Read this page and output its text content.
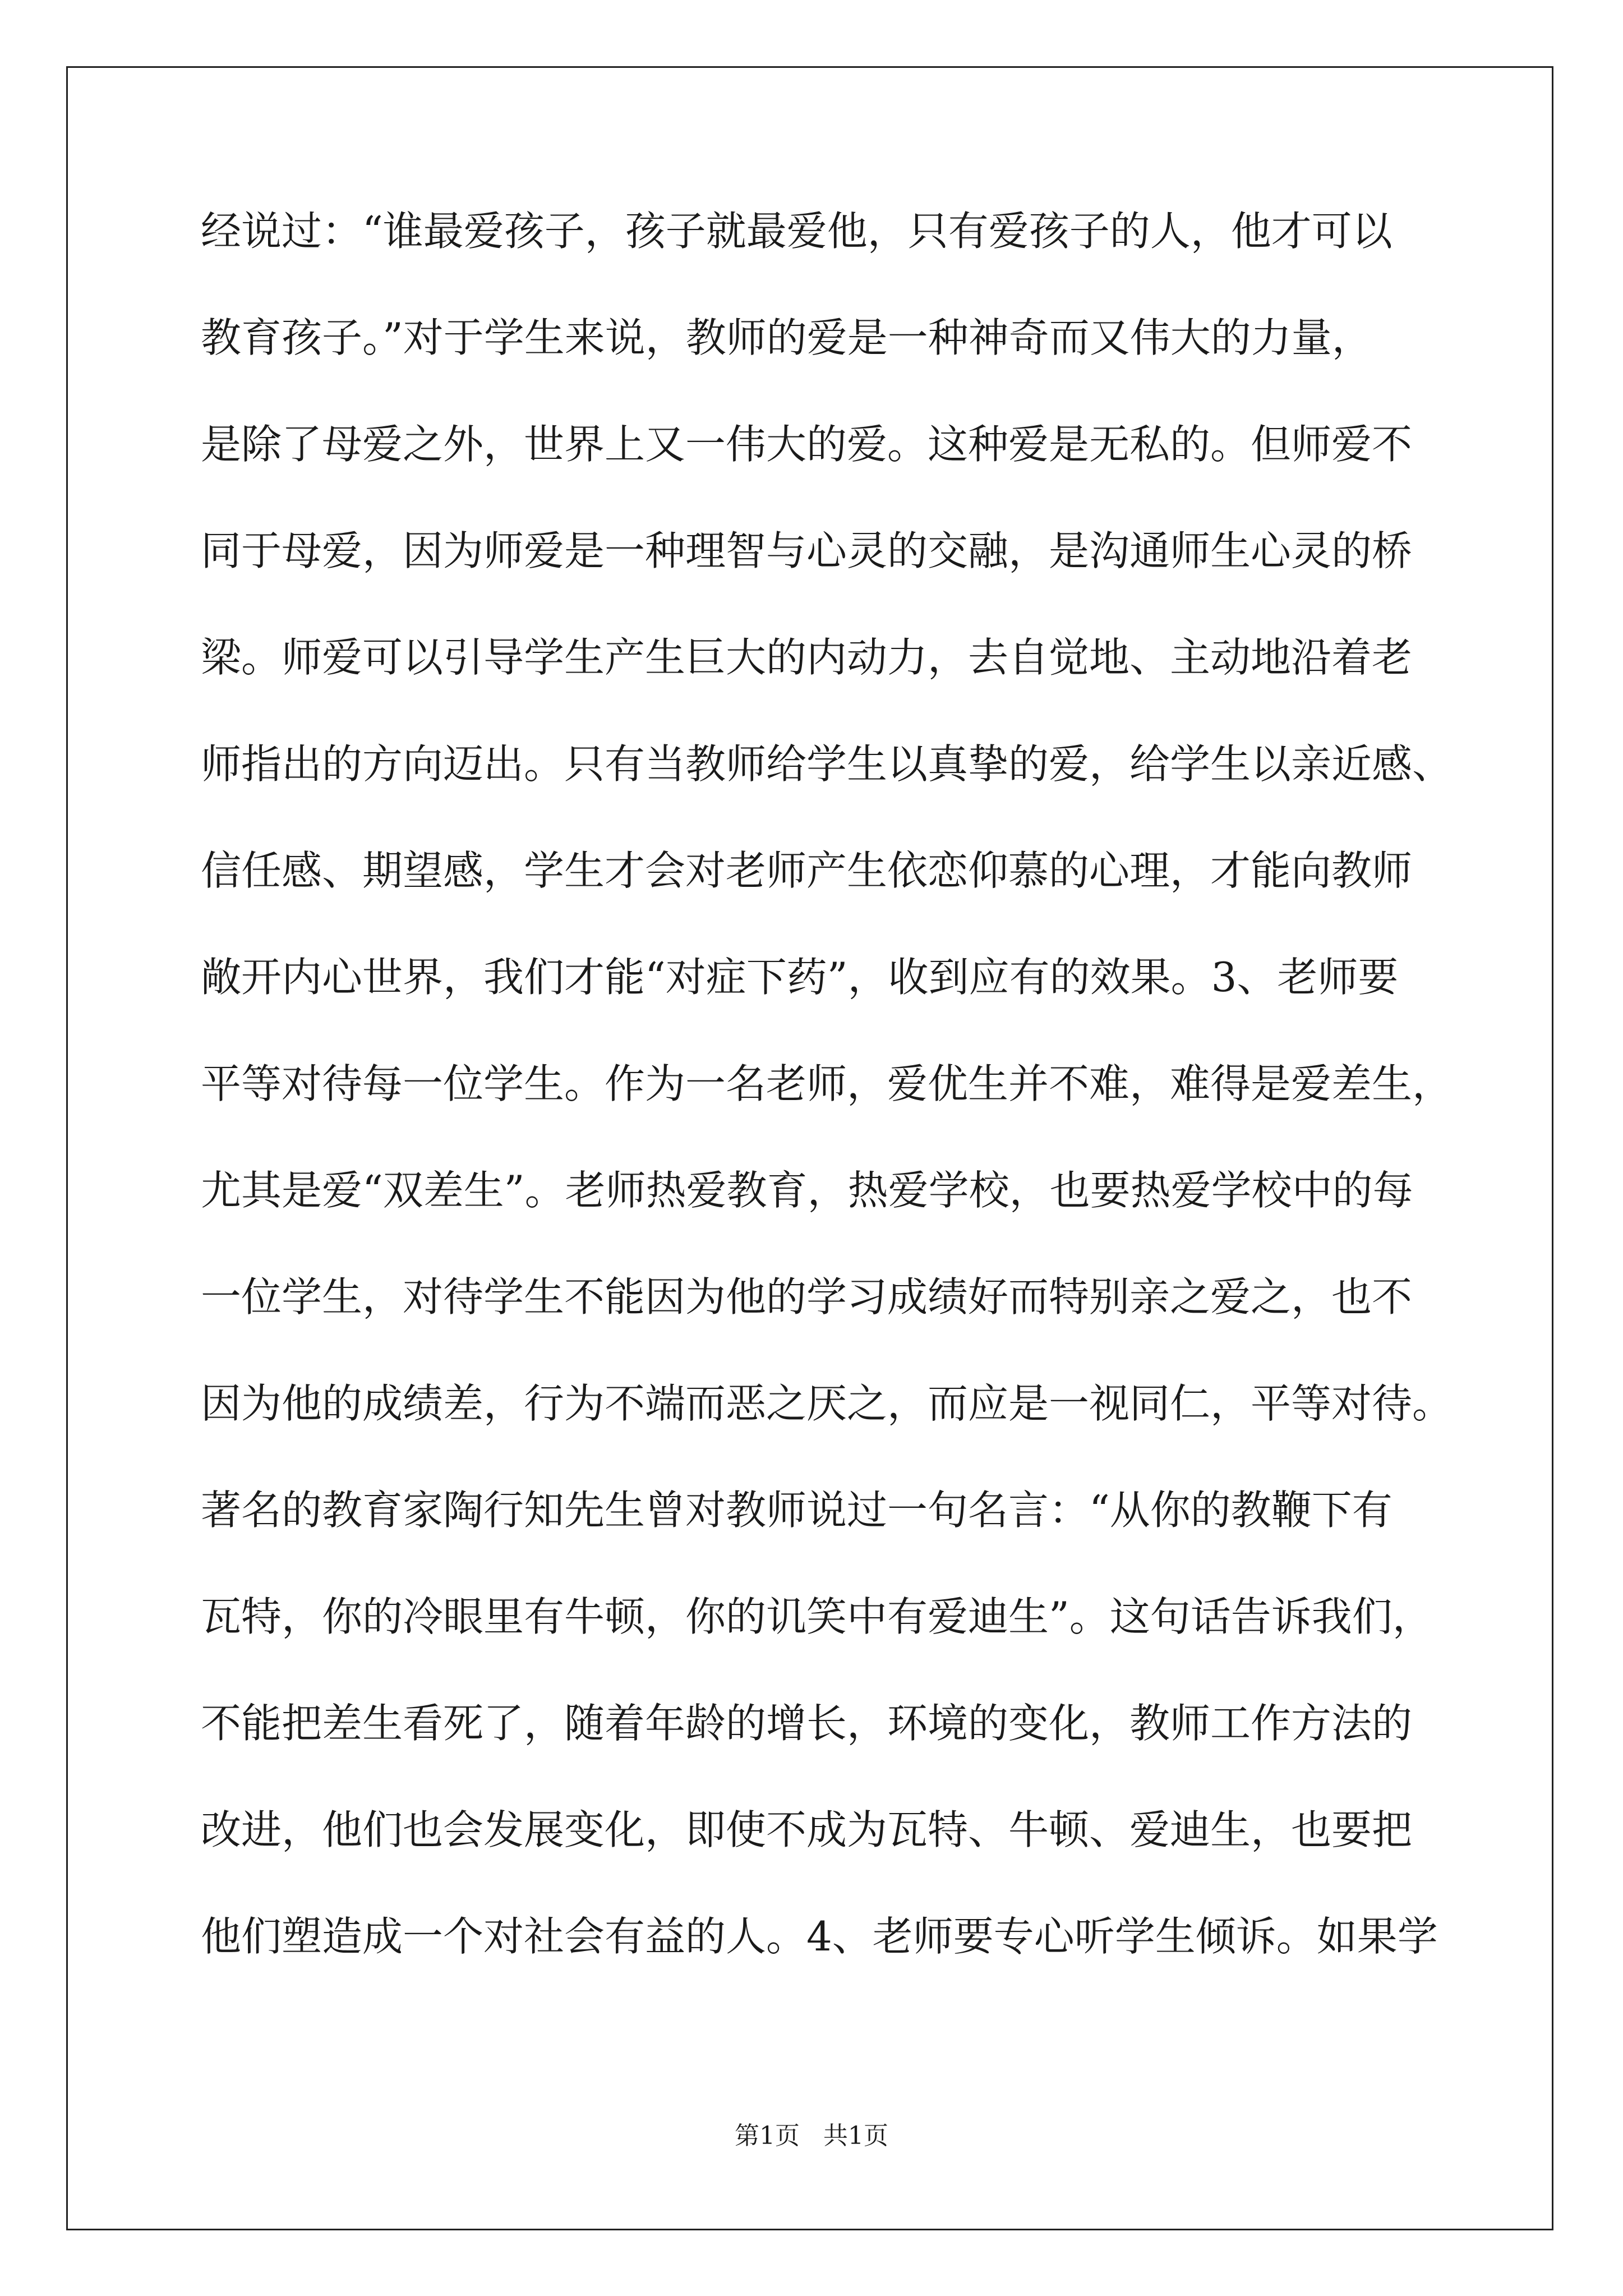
经说过：“谁最爱孩子，孩子就最爱他，只有爱孩子的人，他才可以
教育孩子。”对于学生来说，教师的爱是一种神奇而又伟大的力量，
是除了母爱之外，世界上又一伟大的爱。这种爱是无私的。但师爱不
同于母爱，因为师爱是一种理智与心灵的交融，是沟通师生心灵的桥
梁。师爱可以引导学生产生巨大的内动力，去自觉地、主动地沿着老
师指出的方向迈出。只有当教师给学生以真挚的爱，给学生以亲近感、
信任感、期望感，学生才会对老师产生依恋仰慕的心理，才能向教师
敞开内心世界，我们才能“对症下药”，收到应有的效果。3、老师要
平等对待每一位学生。作为一名老师，爱优生并不难，难得是爱差生，
尤其是爱“双差生”。老师热爱教育，热爱学校，也要热爱学校中的每
一位学生，对待学生不能因为他的学习成绩好而特别亲之爱之，也不
因为他的成绩差，行为不端而恶之厌之，而应是一视同仁，平等对待。
著名的教育家陶行知先生曾对教师说过一句名言：“从你的教鞭下有
瓦特，你的冷眼里有牛顿，你的讥笑中有爱迪生”。这句话告诉我们，
不能把差生看死了，随着年龄的增长，环境的变化，教师工作方法的
改进，他们也会发展变化，即使不成为瓦特、牛顿、爱迪生，也要把
他们塑造成一个对社会有益的人。4、老师要专心听学生倾诉。如果学
第1页   共1页
